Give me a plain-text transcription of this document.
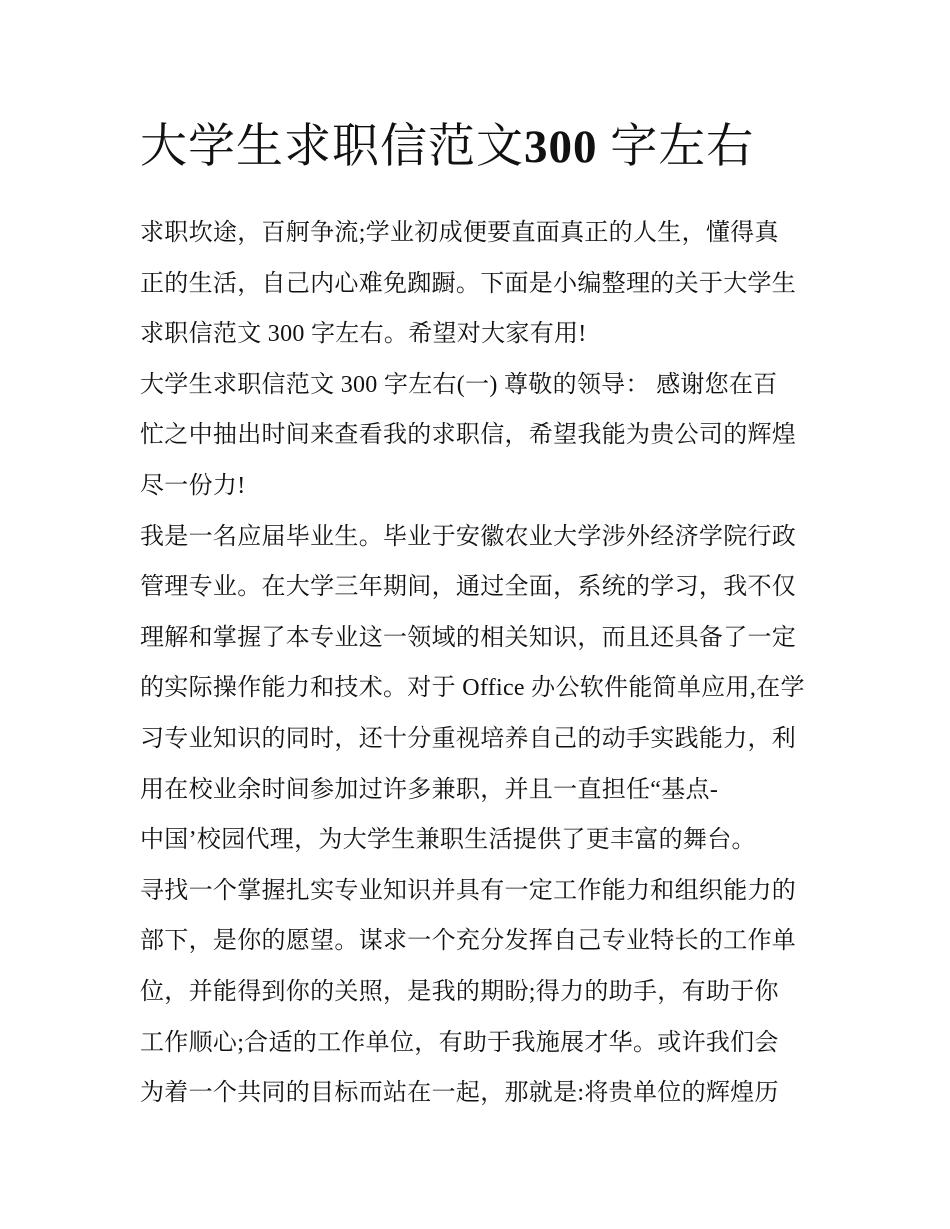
大学生求职信范文300 字左右
求职坎途，百舸争流;学业初成便要直面真正的人生，懂得真
正的生活，自己内心难免踟蹰。下面是小编整理的关于大学生
求职信范文 300 字左右。希望对大家有用!
大学生求职信范文 300 字左右(一) 尊敬的领导： 感谢您在百
忙之中抽出时间来查看我的求职信，希望我能为贵公司的辉煌
尽一份力!
我是一名应届毕业生。毕业于安徽农业大学涉外经济学院行政
管理专业。在大学三年期间，通过全面，系统的学习，我不仅
理解和掌握了本专业这一领域的相关知识，而且还具备了一定
的实际操作能力和技术。对于 Office 办公软件能简单应用,在学
习专业知识的同时，还十分重视培养自己的动手实践能力，利
用在校业余时间参加过许多兼职，并且一直担任“基点-
中国’校园代理，为大学生兼职生活提供了更丰富的舞台。
寻找一个掌握扎实专业知识并具有一定工作能力和组织能力的
部下，是你的愿望。谋求一个充分发挥自己专业特长的工作单
位，并能得到你的关照，是我的期盼;得力的助手，有助于你
工作顺心;合适的工作单位，有助于我施展才华。或许我们会
为着一个共同的目标而站在一起，那就是:将贵单位的辉煌历
